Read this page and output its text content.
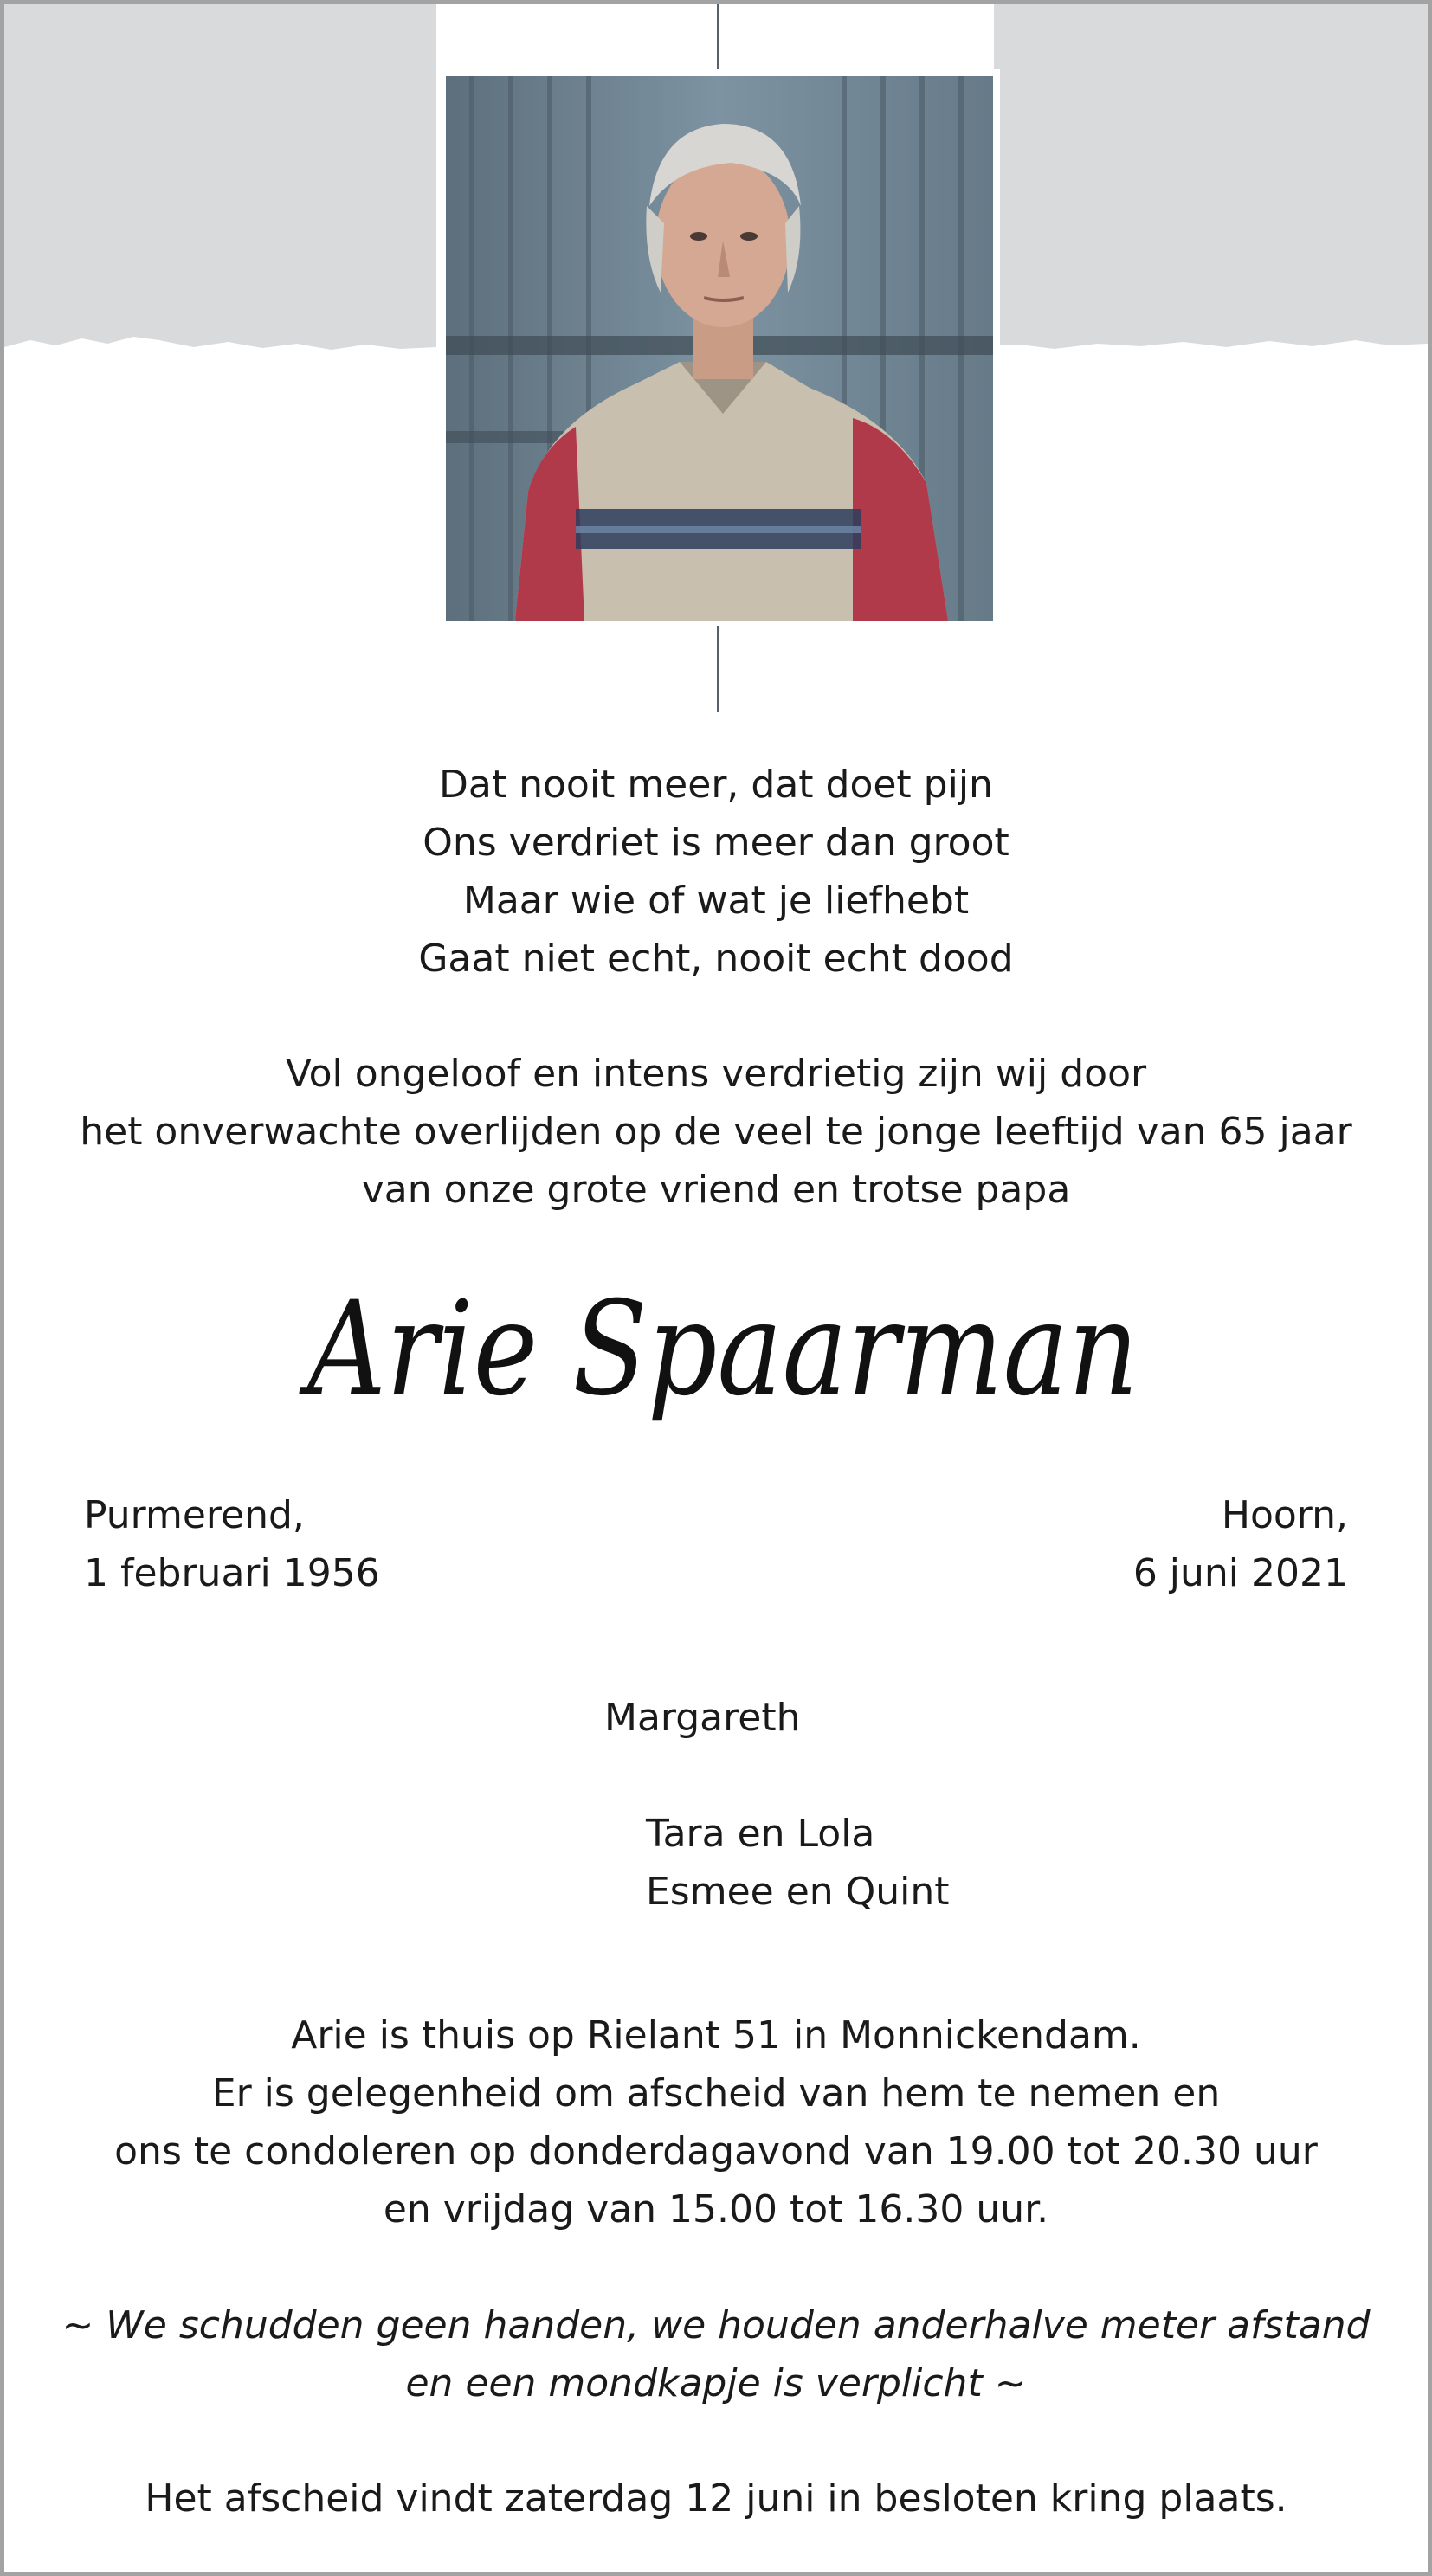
Dat nooit meer, dat doet pijn
Ons verdriet is meer dan groot
Maar wie of wat je liefhebt
Gaat niet echt, nooit echt dood
Vol ongeloof en intens verdrietig zijn wij door
het onverwachte overlijden op de veel te jonge leeftijd van 65 jaar
van onze grote vriend en trotse papa
Arie Spaarman
Purmerend,
1 februari 1956
Hoorn,
6 juni 2021
Margareth
Tara en Lola
Esmee en Quint
Arie is thuis op Rielant 51 in Monnickendam.
Er is gelegenheid om afscheid van hem te nemen en
ons te condoleren op donderdagavond van 19.00 tot 20.30 uur
en vrijdag van 15.00 tot 16.30 uur.
~ We schudden geen handen, we houden anderhalve meter afstand
en een mondkapje is verplicht ~
Het afscheid vindt zaterdag 12 juni in besloten kring plaats.
